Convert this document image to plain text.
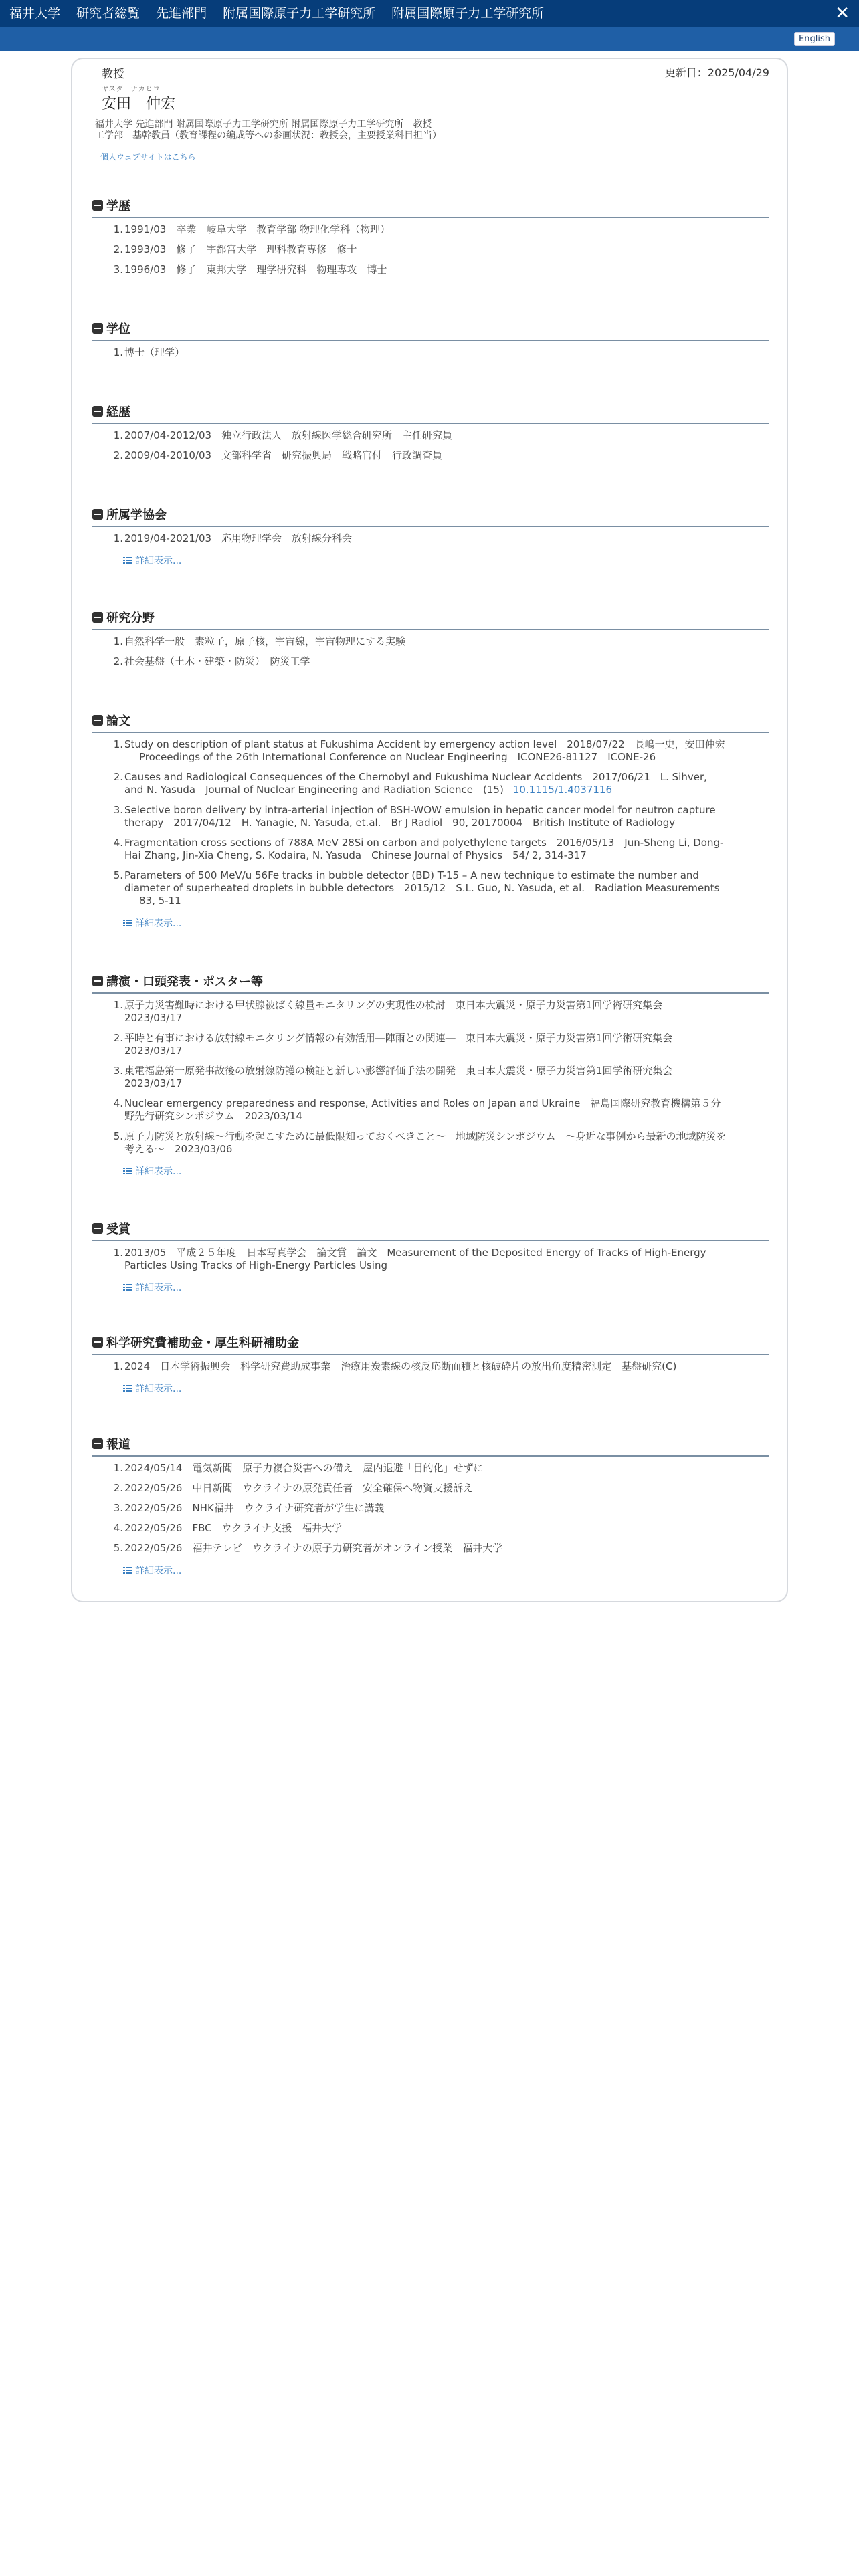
福井大学 研究者総覧 先進部門 附属国際原子力工学研究所 附属国際原子力工学研究所	✕
English
教授	更新日：2025/04/29
ヤスダ　ナカヒロ
安田　仲宏
福井大学 先進部門 附属国際原子力工学研究所 附属国際原子力工学研究所　教授
工学部　基幹教員（教育課程の編成等への参画状況：教授会，主要授業科目担当）
個人ウェブサイトはこちら
学歴
1. 1991/03　卒業　岐阜大学　教育学部 物理化学科（物理）
2. 1993/03　修了　宇都宮大学　理科教育専修　修士
3. 1996/03　修了　東邦大学　理学研究科　物理専攻　博士
学位
1. 博士（理学）
経歴
1. 2007/04-2012/03　独立行政法人　放射線医学総合研究所　主任研究員
2. 2009/04-2010/03　文部科学省　研究振興局　戦略官付　行政調査員
所属学協会
1. 2019/04-2021/03　応用物理学会　放射線分科会
詳細表示...
研究分野
1. 自然科学一般　素粒子，原子核，宇宙線，宇宙物理にする実験
2. 社会基盤（土木・建築・防災）　防災工学
論文
1. Study on description of plant status at Fukushima Accident by emergency action level　2018/07/22　長嶋一史，安田仲宏
Proceedings of the 26th International Conference on Nuclear Engineering　ICONE26-81127　ICONE-26
2. Causes and Radiological Consequences of the Chernobyl and Fukushima Nuclear Accidents　2017/06/21　L. Sihver,
and N. Yasuda　Journal of Nuclear Engineering and Radiation Science　(15) 10.1115/1.4037116
3. Selective boron delivery by intra-arterial injection of BSH-WOW emulsion in hepatic cancer model for neutron capture
therapy　2017/04/12　H. Yanagie, N. Yasuda, et.al.　Br J Radiol　90, 20170004　British Institute of Radiology
4. Fragmentation cross sections of 788A MeV 28Si on carbon and polyethylene targets　2016/05/13　Jun-Sheng Li, Dong-
Hai Zhang, Jin-Xia Cheng, S. Kodaira, N. Yasuda　Chinese Journal of Physics　54/ 2, 314-317
5. Parameters of 500 MeV/u 56Fe tracks in bubble detector (BD) T-15 – A new technique to estimate the number and
diameter of superheated droplets in bubble detectors　2015/12　S.L. Guo, N. Yasuda, et al.　Radiation Measurements
83, 5-11
詳細表示...
講演・口頭発表・ポスター等
1. 原子力災害難時における甲状腺被ばく線量モニタリングの実現性の検討　東日本大震災・原子力災害第1回学術研究集会
2023/03/17
2. 平時と有事における放射線モニタリング情報の有効活用―陣雨との関連―　東日本大震災・原子力災害第1回学術研究集会
2023/03/17
3. 東電福島第一原発事故後の放射線防護の検証と新しい影響評価手法の開発　東日本大震災・原子力災害第1回学術研究集会
2023/03/17
4. Nuclear emergency preparedness and response, Activities and Roles on Japan and Ukraine　福島国際研究教育機構第５分
野先行研究シンポジウム　2023/03/14
5. 原子力防災と放射線〜行動を起こすために最低限知っておくべきこと〜　地域防災シンポジウム　〜身近な事例から最新の地域防災を
考える〜　2023/03/06
詳細表示...
受賞
1. 2013/05　平成２５年度　日本写真学会　論文賞　論文　Measurement of the Deposited Energy of Tracks of High-Energy
Particles Using Tracks of High-Energy Particles Using
詳細表示...
科学研究費補助金・厚生科研補助金
1. 2024　日本学術振興会　科学研究費助成事業　治療用炭素線の核反応断面積と核破砕片の放出角度精密測定　基盤研究(C)
詳細表示...
報道
1. 2024/05/14　電気新聞　原子力複合災害への備え　屋内退避「目的化」せずに
2. 2022/05/26　中日新聞　ウクライナの原発責任者　安全確保へ物資支援訴え
3. 2022/05/26　NHK福井　ウクライナ研究者が学生に講義
4. 2022/05/26　FBC　ウクライナ支援　福井大学
5. 2022/05/26　福井テレビ　ウクライナの原子力研究者がオンライン授業　福井大学
詳細表示...
